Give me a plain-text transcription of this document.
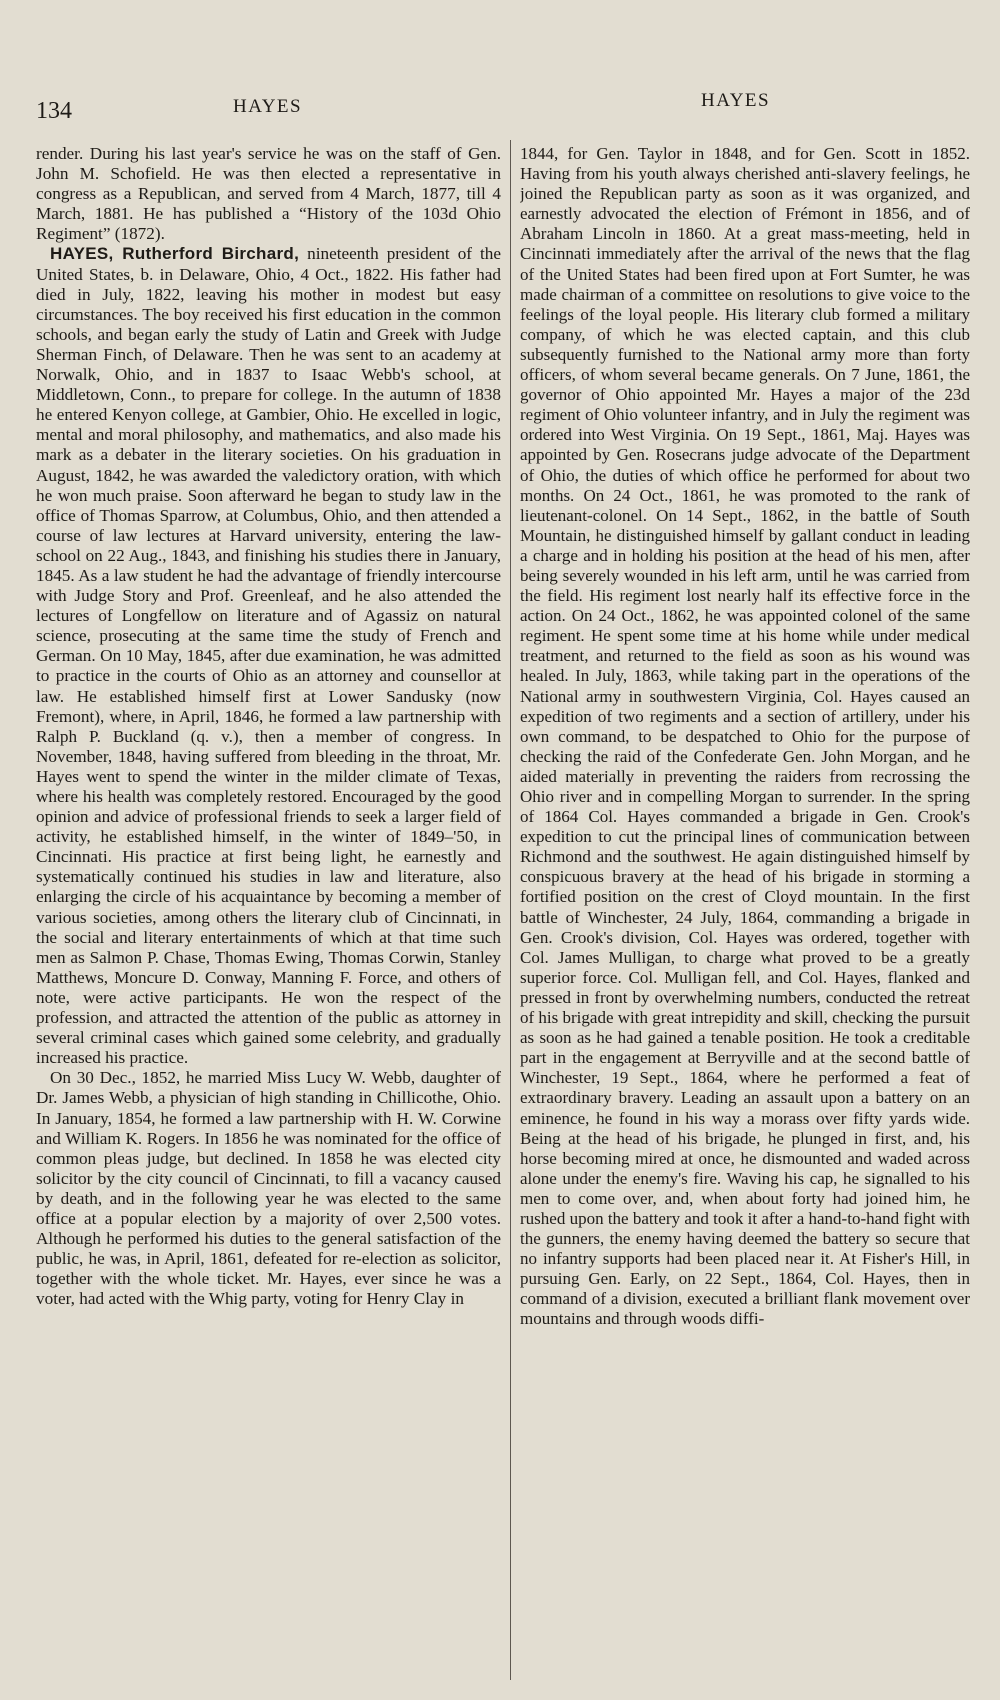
134	HAYES	HAYES

render. During his last year's service he was on the staff of Gen. John M. Schofield. He was then elected a representative in congress as a Republican, and served from 4 March, 1877, till 4 March, 1881. He has published a “History of the 103d Ohio Regiment” (1872).

HAYES, Rutherford Birchard, nineteenth president of the United States, b. in Delaware, Ohio, 4 Oct., 1822. His father had died in July, 1822, leaving his mother in modest but easy circumstances. The boy received his first education in the common schools, and began early the study of Latin and Greek with Judge Sherman Finch, of Delaware. Then he was sent to an academy at Norwalk, Ohio, and in 1837 to Isaac Webb's school, at Middletown, Conn., to prepare for college. In the autumn of 1838 he entered Kenyon college, at Gambier, Ohio. He excelled in logic, mental and moral philosophy, and mathematics, and also made his mark as a debater in the literary societies. On his graduation in August, 1842, he was awarded the valedictory oration, with which he won much praise. Soon afterward he began to study law in the office of Thomas Sparrow, at Columbus, Ohio, and then attended a course of law lectures at Harvard university, entering the law-school on 22 Aug., 1843, and finishing his studies there in January, 1845. As a law student he had the advantage of friendly intercourse with Judge Story and Prof. Greenleaf, and he also attended the lectures of Longfellow on literature and of Agassiz on natural science, prosecuting at the same time the study of French and German. On 10 May, 1845, after due examination, he was admitted to practice in the courts of Ohio as an attorney and counsellor at law. He established himself first at Lower Sandusky (now Fremont), where, in April, 1846, he formed a law partnership with Ralph P. Buckland (q. v.), then a member of congress. In November, 1848, having suffered from bleeding in the throat, Mr. Hayes went to spend the winter in the milder climate of Texas, where his health was completely restored. Encouraged by the good opinion and advice of professional friends to seek a larger field of activity, he established himself, in the winter of 1849–'50, in Cincinnati. His practice at first being light, he earnestly and systematically continued his studies in law and literature, also enlarging the circle of his acquaintance by becoming a member of various societies, among others the literary club of Cincinnati, in the social and literary entertainments of which at that time such men as Salmon P. Chase, Thomas Ewing, Thomas Corwin, Stanley Matthews, Moncure D. Conway, Manning F. Force, and others of note, were active participants. He won the respect of the profession, and attracted the attention of the public as attorney in several criminal cases which gained some celebrity, and gradually increased his practice.

On 30 Dec., 1852, he married Miss Lucy W. Webb, daughter of Dr. James Webb, a physician of high standing in Chillicothe, Ohio. In January, 1854, he formed a law partnership with H. W. Corwine and William K. Rogers. In 1856 he was nominated for the office of common pleas judge, but declined. In 1858 he was elected city solicitor by the city council of Cincinnati, to fill a vacancy caused by death, and in the following year he was elected to the same office at a popular election by a majority of over 2,500 votes. Although he performed his duties to the general satisfaction of the public, he was, in April, 1861, defeated for re-election as solicitor, together with the whole ticket. Mr. Hayes, ever since he was a voter, had acted with the Whig party, voting for Henry Clay in

1844, for Gen. Taylor in 1848, and for Gen. Scott in 1852. Having from his youth always cherished anti-slavery feelings, he joined the Republican party as soon as it was organized, and earnestly advocated the election of Frémont in 1856, and of Abraham Lincoln in 1860. At a great mass-meeting, held in Cincinnati immediately after the arrival of the news that the flag of the United States had been fired upon at Fort Sumter, he was made chairman of a committee on resolutions to give voice to the feelings of the loyal people. His literary club formed a military company, of which he was elected captain, and this club subsequently furnished to the National army more than forty officers, of whom several became generals. On 7 June, 1861, the governor of Ohio appointed Mr. Hayes a major of the 23d regiment of Ohio volunteer infantry, and in July the regiment was ordered into West Virginia. On 19 Sept., 1861, Maj. Hayes was appointed by Gen. Rosecrans judge advocate of the Department of Ohio, the duties of which office he performed for about two months. On 24 Oct., 1861, he was promoted to the rank of lieutenant-colonel. On 14 Sept., 1862, in the battle of South Mountain, he distinguished himself by gallant conduct in leading a charge and in holding his position at the head of his men, after being severely wounded in his left arm, until he was carried from the field. His regiment lost nearly half its effective force in the action. On 24 Oct., 1862, he was appointed colonel of the same regiment. He spent some time at his home while under medical treatment, and returned to the field as soon as his wound was healed. In July, 1863, while taking part in the operations of the National army in southwestern Virginia, Col. Hayes caused an expedition of two regiments and a section of artillery, under his own command, to be despatched to Ohio for the purpose of checking the raid of the Confederate Gen. John Morgan, and he aided materially in preventing the raiders from recrossing the Ohio river and in compelling Morgan to surrender. In the spring of 1864 Col. Hayes commanded a brigade in Gen. Crook's expedition to cut the principal lines of communication between Richmond and the southwest. He again distinguished himself by conspicuous bravery at the head of his brigade in storming a fortified position on the crest of Cloyd mountain. In the first battle of Winchester, 24 July, 1864, commanding a brigade in Gen. Crook's division, Col. Hayes was ordered, together with Col. James Mulligan, to charge what proved to be a greatly superior force. Col. Mulligan fell, and Col. Hayes, flanked and pressed in front by overwhelming numbers, conducted the retreat of his brigade with great intrepidity and skill, checking the pursuit as soon as he had gained a tenable position. He took a creditable part in the engagement at Berryville and at the second battle of Winchester, 19 Sept., 1864, where he performed a feat of extraordinary bravery. Leading an assault upon a battery on an eminence, he found in his way a morass over fifty yards wide. Being at the head of his brigade, he plunged in first, and, his horse becoming mired at once, he dismounted and waded across alone under the enemy's fire. Waving his cap, he signalled to his men to come over, and, when about forty had joined him, he rushed upon the battery and took it after a hand-to-hand fight with the gunners, the enemy having deemed the battery so secure that no infantry supports had been placed near it. At Fisher's Hill, in pursuing Gen. Early, on 22 Sept., 1864, Col. Hayes, then in command of a division, executed a brilliant flank movement over mountains and through woods diffi-
